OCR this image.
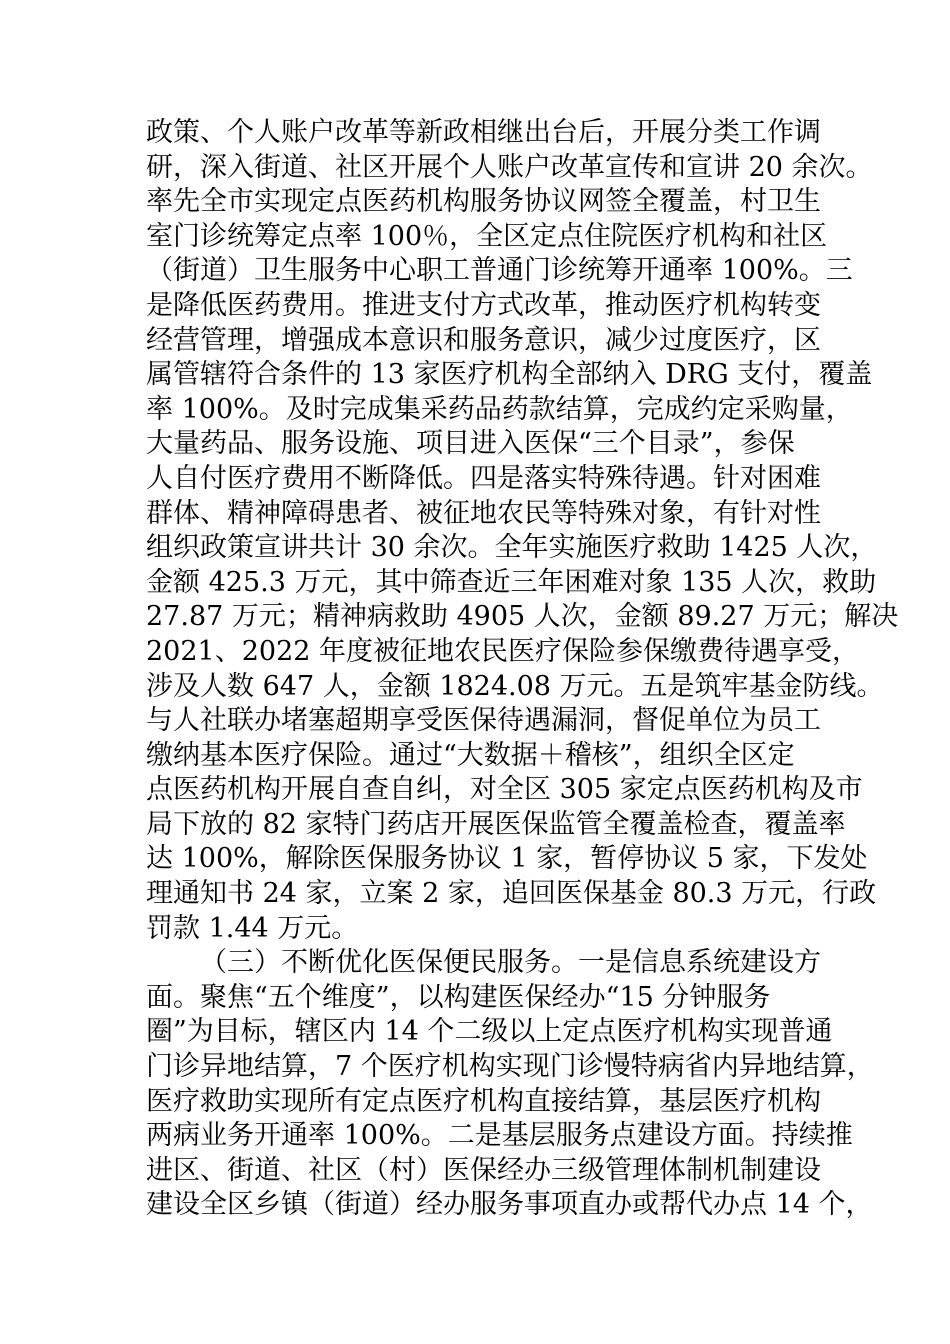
政策、个人账户改革等新政相继出台后，开展分类工作调
研，深入街道、社区开展个人账户改革宣传和宣讲 20 余次。
率先全市实现定点医药机构服务协议网签全覆盖，村卫生
室门诊统筹定点率 100％，全区定点住院医疗机构和社区
（街道）卫生服务中心职工普通门诊统筹开通率 100%。三
是降低医药费用。推进支付方式改革，推动医疗机构转变
经营管理，增强成本意识和服务意识，减少过度医疗，区
属管辖符合条件的 13 家医疗机构全部纳入 DRG 支付，覆盖
率 100%。及时完成集采药品药款结算，完成约定采购量，
大量药品、服务设施、项目进入医保“三个目录”，参保
人自付医疗费用不断降低。四是落实特殊待遇。针对困难
群体、精神障碍患者、被征地农民等特殊对象，有针对性
组织政策宣讲共计 30 余次。全年实施医疗救助 1425 人次，
金额 425.3 万元，其中筛查近三年困难对象 135 人次，救助
27.87 万元；精神病救助 4905 人次，金额 89.27 万元；解决
2021、2022 年度被征地农民医疗保险参保缴费待遇享受，
涉及人数 647 人，金额 1824.08 万元。五是筑牢基金防线。
与人社联办堵塞超期享受医保待遇漏洞，督促单位为员工
缴纳基本医疗保险。通过“大数据＋稽核”，组织全区定
点医药机构开展自查自纠，对全区 305 家定点医药机构及市
局下放的 82 家特门药店开展医保监管全覆盖检查，覆盖率
达 100%，解除医保服务协议 1 家，暂停协议 5 家，下发处
理通知书 24 家，立案 2 家，追回医保基金 80.3 万元，行政
罚款 1.44 万元。
（三）不断优化医保便民服务。一是信息系统建设方
面。聚焦“五个维度”，以构建医保经办“15 分钟服务
圈”为目标，辖区内 14 个二级以上定点医疗机构实现普通
门诊异地结算，7 个医疗机构实现门诊慢特病省内异地结算，
医疗救助实现所有定点医疗机构直接结算，基层医疗机构
两病业务开通率 100%。二是基层服务点建设方面。持续推
进区、街道、社区（村）医保经办三级管理体制机制建设
建设全区乡镇（街道）经办服务事项直办或帮代办点 14 个，
